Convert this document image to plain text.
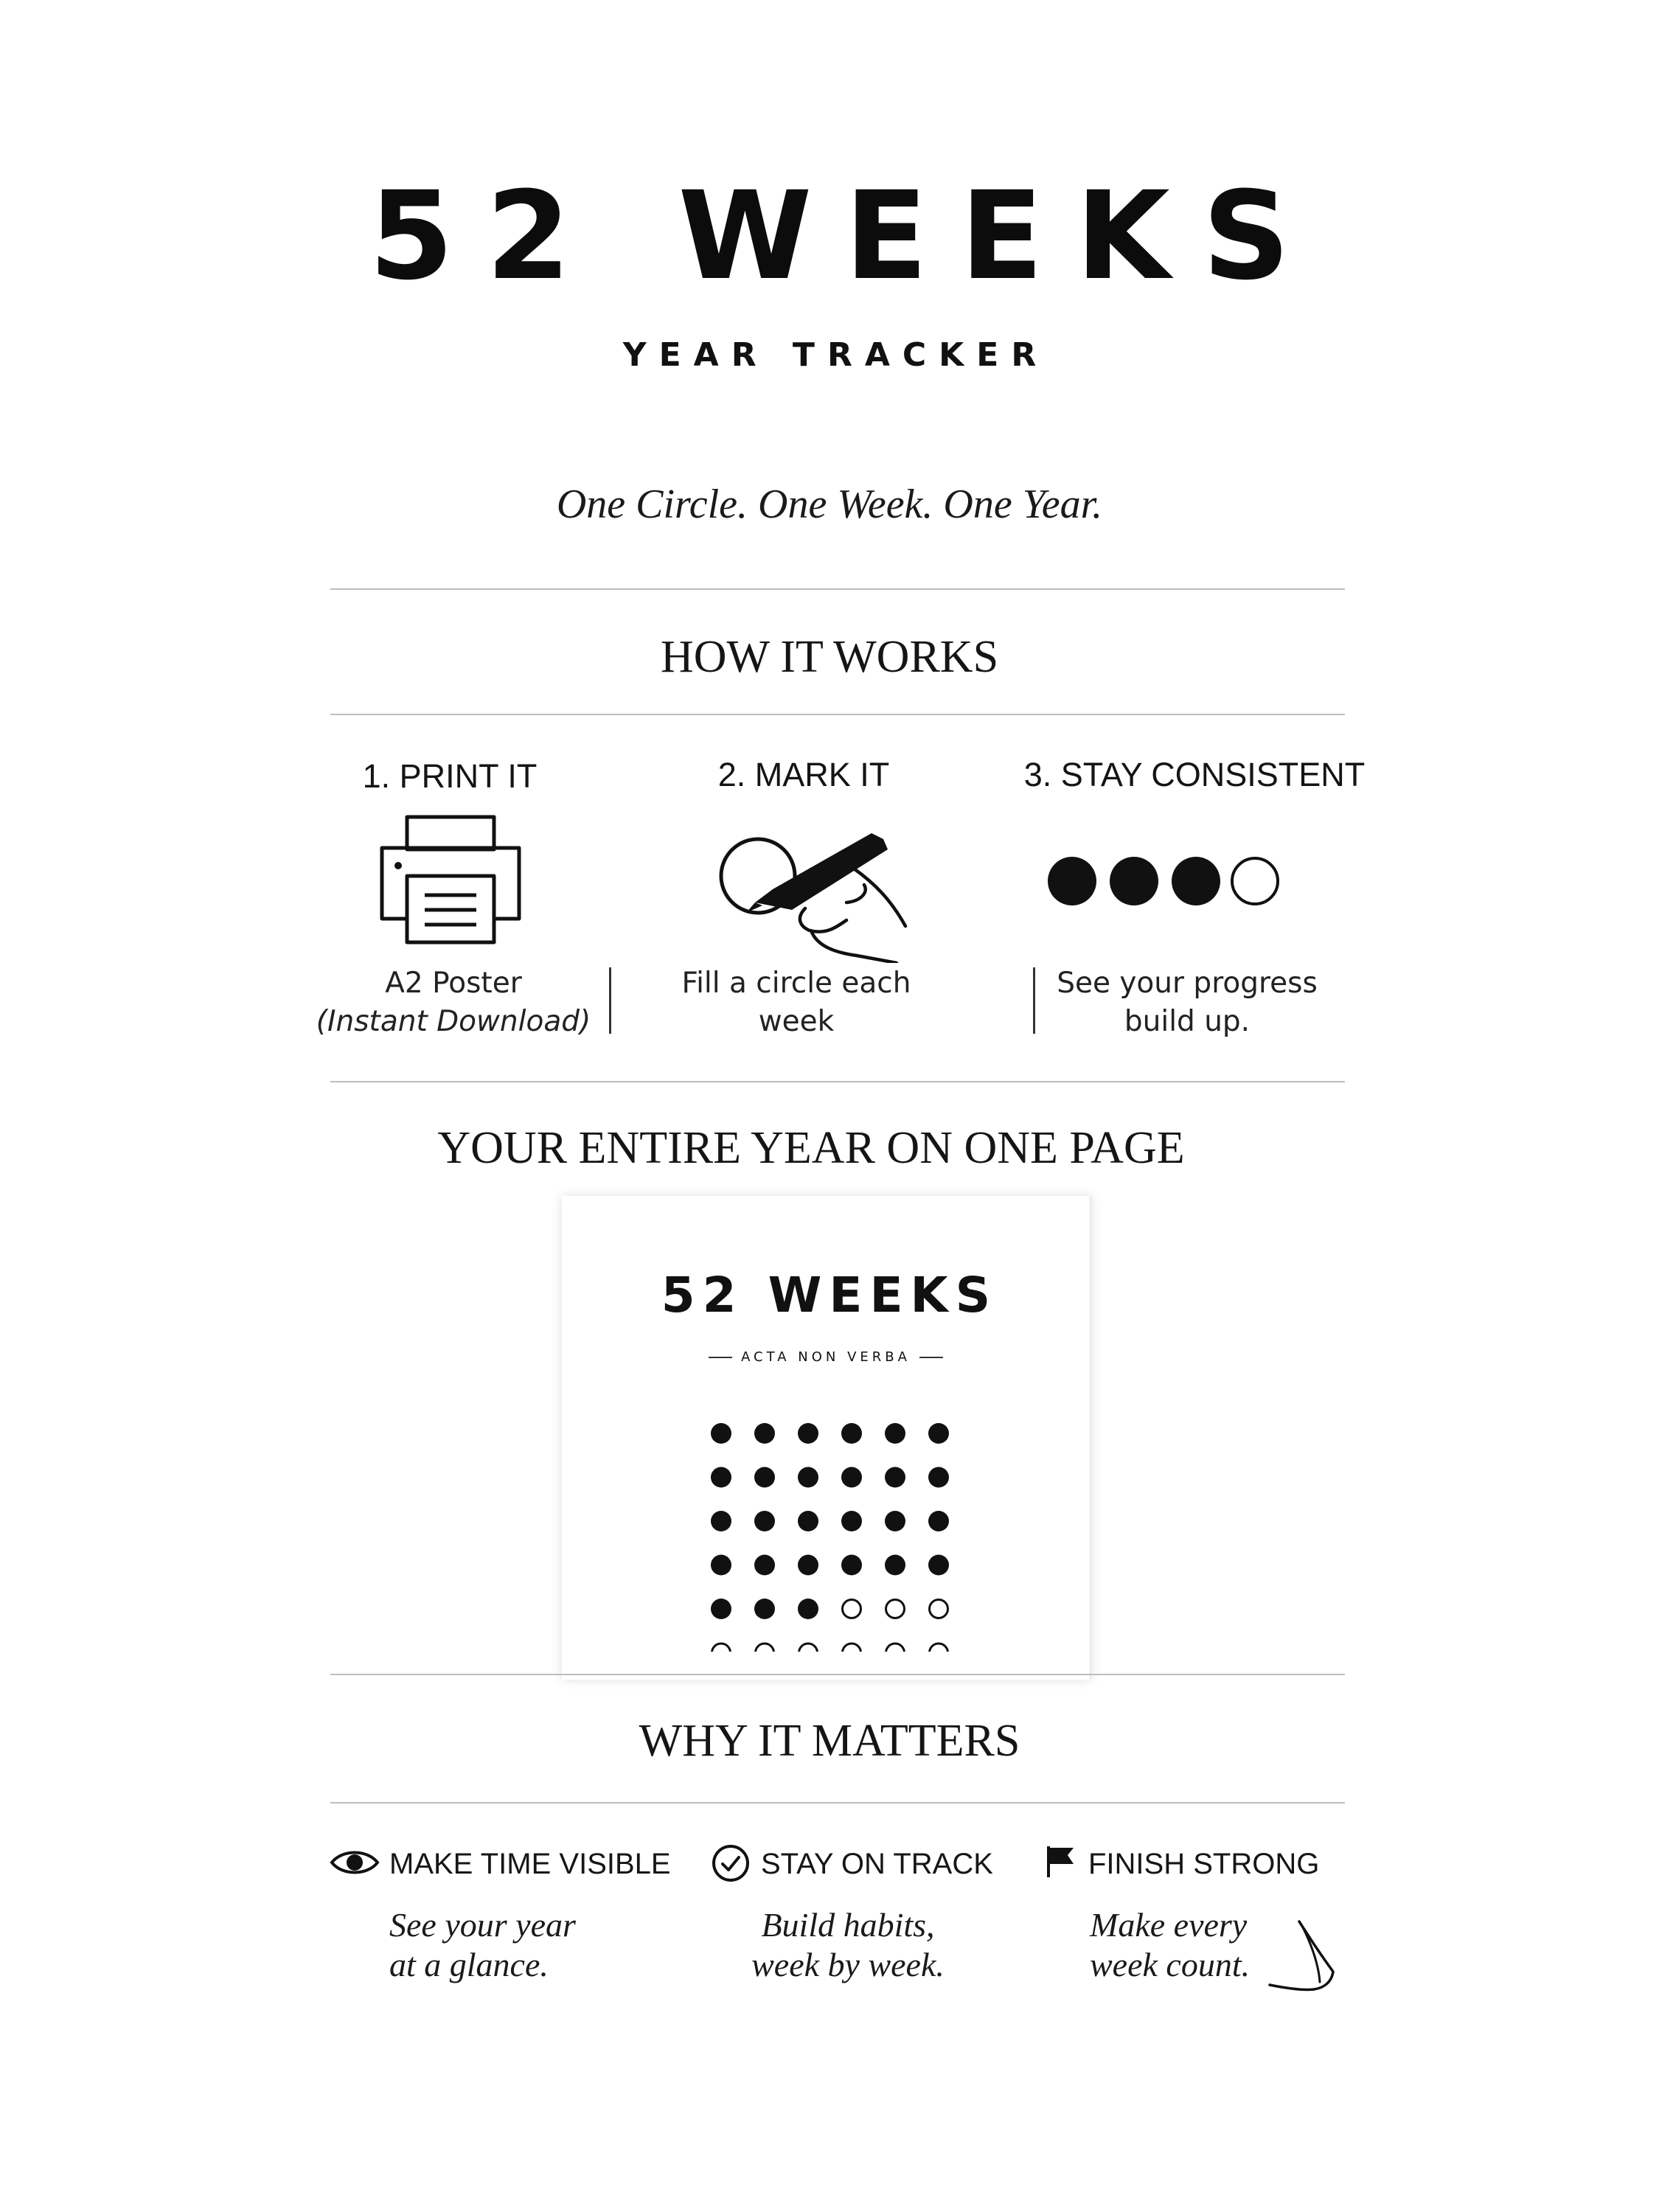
52 WEEKS
YEAR TRACKER
One Circle. One Week. One Year.
HOW IT WORKS
1. PRINT IT
A2 Poster
(Instant Download)
2. MARK IT
Fill a circle each
week
3. STAY CONSISTENT
See your progress
build up.
YOUR ENTIRE YEAR ON ONE PAGE
52 WEEKS
ACTA NON VERBA
WHY IT MATTERS
MAKE TIME VISIBLE
See your year
at a glance.
STAY ON TRACK
Build habits,
week by week.
FINISH STRONG
Make every
week count.
